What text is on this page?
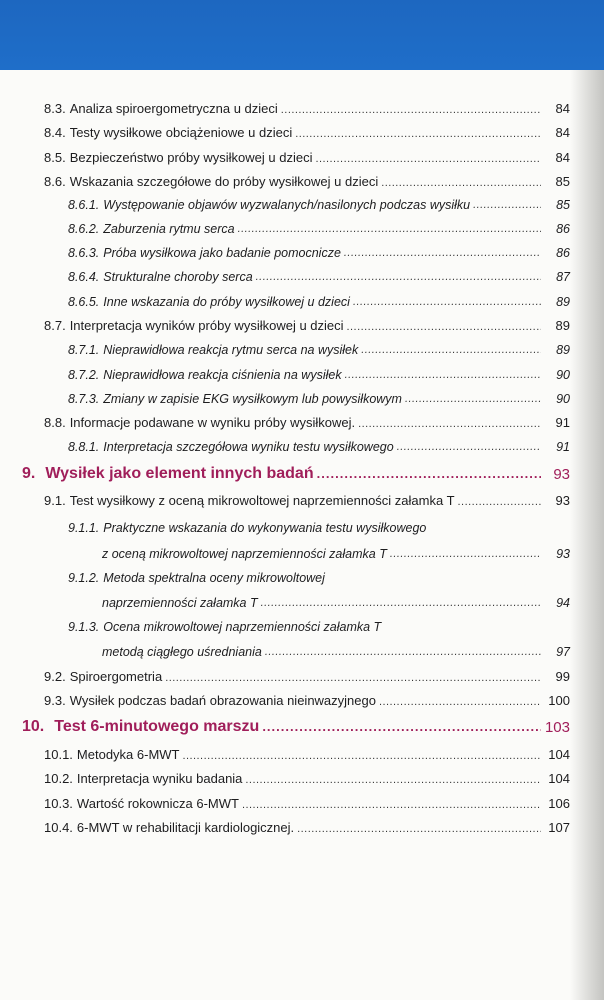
8.3. Analiza spiroergometryczna u dzieci . . .	84
8.4. Testy wysiłkowe obciążeniowe u dzieci . . .	84
8.5. Bezpieczeństwo próby wysiłkowej u dzieci . . .	84
8.6. Wskazania szczegółowe do próby wysiłkowej u dzieci . . .	85
8.6.1. Występowanie objawów wyzwalanych/nasilonych podczas wysiłku . . .	85
8.6.2. Zaburzenia rytmu serca . . .	86
8.6.3. Próba wysiłkowa jako badanie pomocnicze . . .	86
8.6.4. Strukturalne choroby serca . . .	87
8.6.5. Inne wskazania do próby wysiłkowej u dzieci . . .	89
8.7. Interpretacja wyników próby wysiłkowej u dzieci . . .	89
8.7.1. Nieprawidłowa reakcja rytmu serca na wysiłek . . .	89
8.7.2. Nieprawidłowa reakcja ciśnienia na wysiłek . . .	90
8.7.3. Zmiany w zapisie EKG wysiłkowym lub powysiłkowym . . .	90
8.8. Informacje podawane w wyniku próby wysiłkowej. . . .	91
8.8.1. Interpretacja szczegółowa wyniku testu wysiłkowego . . .	91
9. Wysiłek jako element innych badań . . .	93
9.1. Test wysiłkowy z oceną mikrowoltowej naprzemienności załamka T . . .	93
9.1.1. Praktyczne wskazania do wykonywania testu wysiłkowego
z oceną mikrowoltowej naprzemienności załamka T . . .	93
9.1.2. Metoda spektralna oceny mikrowoltowej
naprzemienności załamka T . . .	94
9.1.3. Ocena mikrowoltowej naprzemienności załamka T
metodą ciągłego uśredniania . . .	97
9.2. Spiroergometria . . .	99
9.3. Wysiłek podczas badań obrazowania nieinwazyjnego . . .	100
10. Test 6-minutowego marszu . . .	103
10.1. Metodyka 6-MWT . . .	104
10.2. Interpretacja wyniku badania . . .	104
10.3. Wartość rokownicza 6-MWT . . .	106
10.4. 6-MWT w rehabilitacji kardiologicznej. . . .	107
